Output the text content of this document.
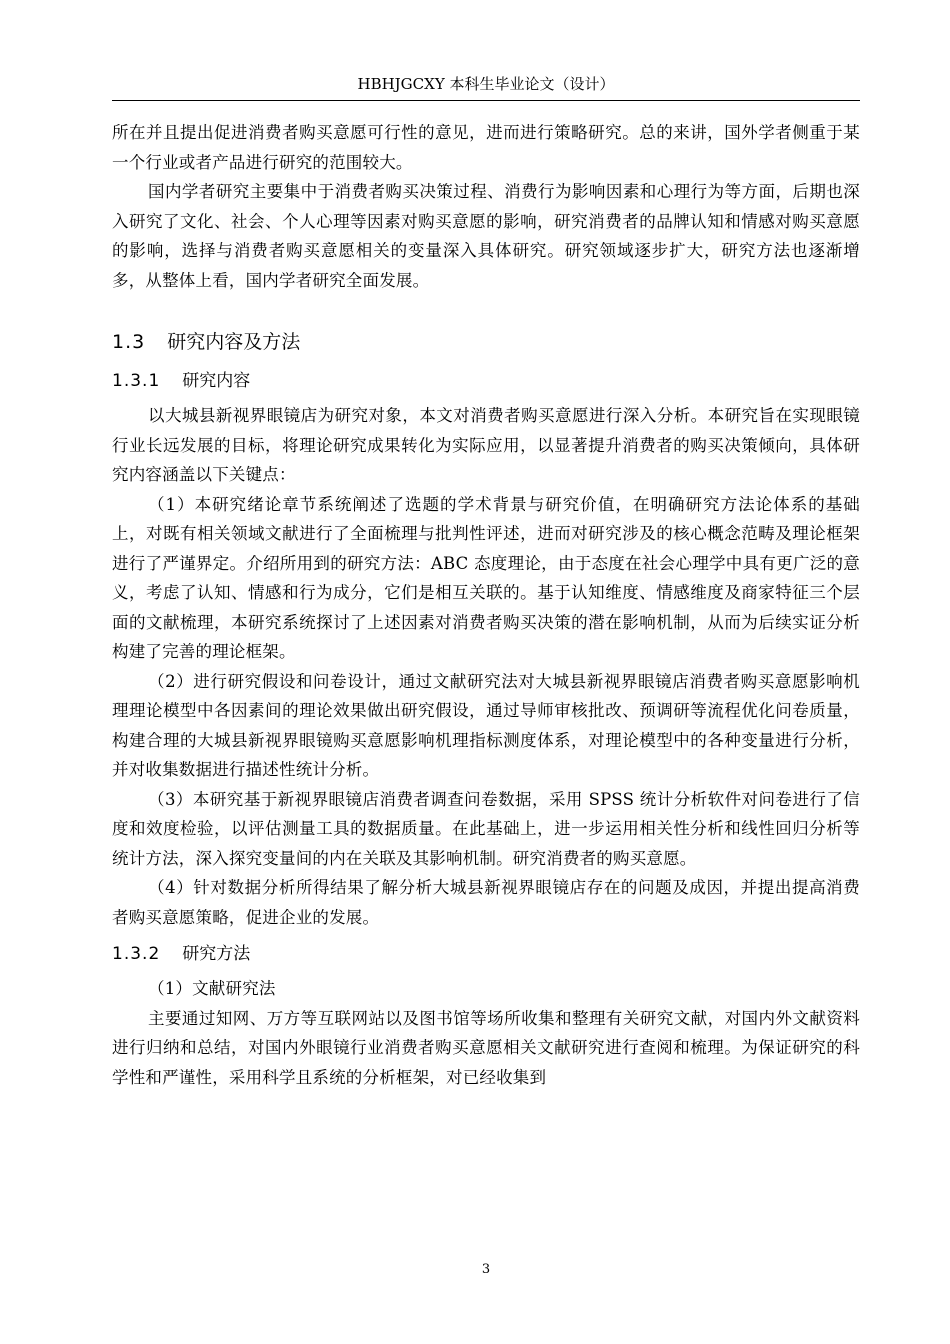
HBHJGCXY 本科生毕业论文（设计）

所在并且提出促进消费者购买意愿可行性的意见，进而进行策略研究。总的来讲，国外学者侧重于某一个行业或者产品进行研究的范围较大。

国内学者研究主要集中于消费者购买决策过程、消费行为影响因素和心理行为等方面，后期也深入研究了文化、社会、个人心理等因素对购买意愿的影响，研究消费者的品牌认知和情感对购买意愿的影响，选择与消费者购买意愿相关的变量深入具体研究。研究领域逐步扩大，研究方法也逐渐增多，从整体上看，国内学者研究全面发展。

1.3 研究内容及方法
1.3.1 研究内容

以大城县新视界眼镜店为研究对象，本文对消费者购买意愿进行深入分析。本研究旨在实现眼镜行业长远发展的目标，将理论研究成果转化为实际应用，以显著提升消费者的购买决策倾向，具体研究内容涵盖以下关键点：

（1）本研究绪论章节系统阐述了选题的学术背景与研究价值，在明确研究方法论体系的基础上，对既有相关领域文献进行了全面梳理与批判性评述，进而对研究涉及的核心概念范畴及理论框架进行了严谨界定。介绍所用到的研究方法：ABC 态度理论，由于态度在社会心理学中具有更广泛的意义，考虑了认知、情感和行为成分，它们是相互关联的。基于认知维度、情感维度及商家特征三个层面的文献梳理，本研究系统探讨了上述因素对消费者购买决策的潜在影响机制，从而为后续实证分析构建了完善的理论框架。

（2）进行研究假设和问卷设计，通过文献研究法对大城县新视界眼镜店消费者购买意愿影响机理理论模型中各因素间的理论效果做出研究假设，通过导师审核批改、预调研等流程优化问卷质量，构建合理的大城县新视界眼镜购买意愿影响机理指标测度体系，对理论模型中的各种变量进行分析，并对收集数据进行描述性统计分析。

（3）本研究基于新视界眼镜店消费者调查问卷数据，采用 SPSS 统计分析软件对问卷进行了信度和效度检验，以评估测量工具的数据质量。在此基础上，进一步运用相关性分析和线性回归分析等统计方法，深入探究变量间的内在关联及其影响机制。研究消费者的购买意愿。

（4）针对数据分析所得结果了解分析大城县新视界眼镜店存在的问题及成因，并提出提高消费者购买意愿策略，促进企业的发展。

1.3.2 研究方法

（1）文献研究法

主要通过知网、万方等互联网站以及图书馆等场所收集和整理有关研究文献，对国内外文献资料进行归纳和总结，对国内外眼镜行业消费者购买意愿相关文献研究进行查阅和梳理。为保证研究的科学性和严谨性，采用科学且系统的分析框架，对已经收集到

3
